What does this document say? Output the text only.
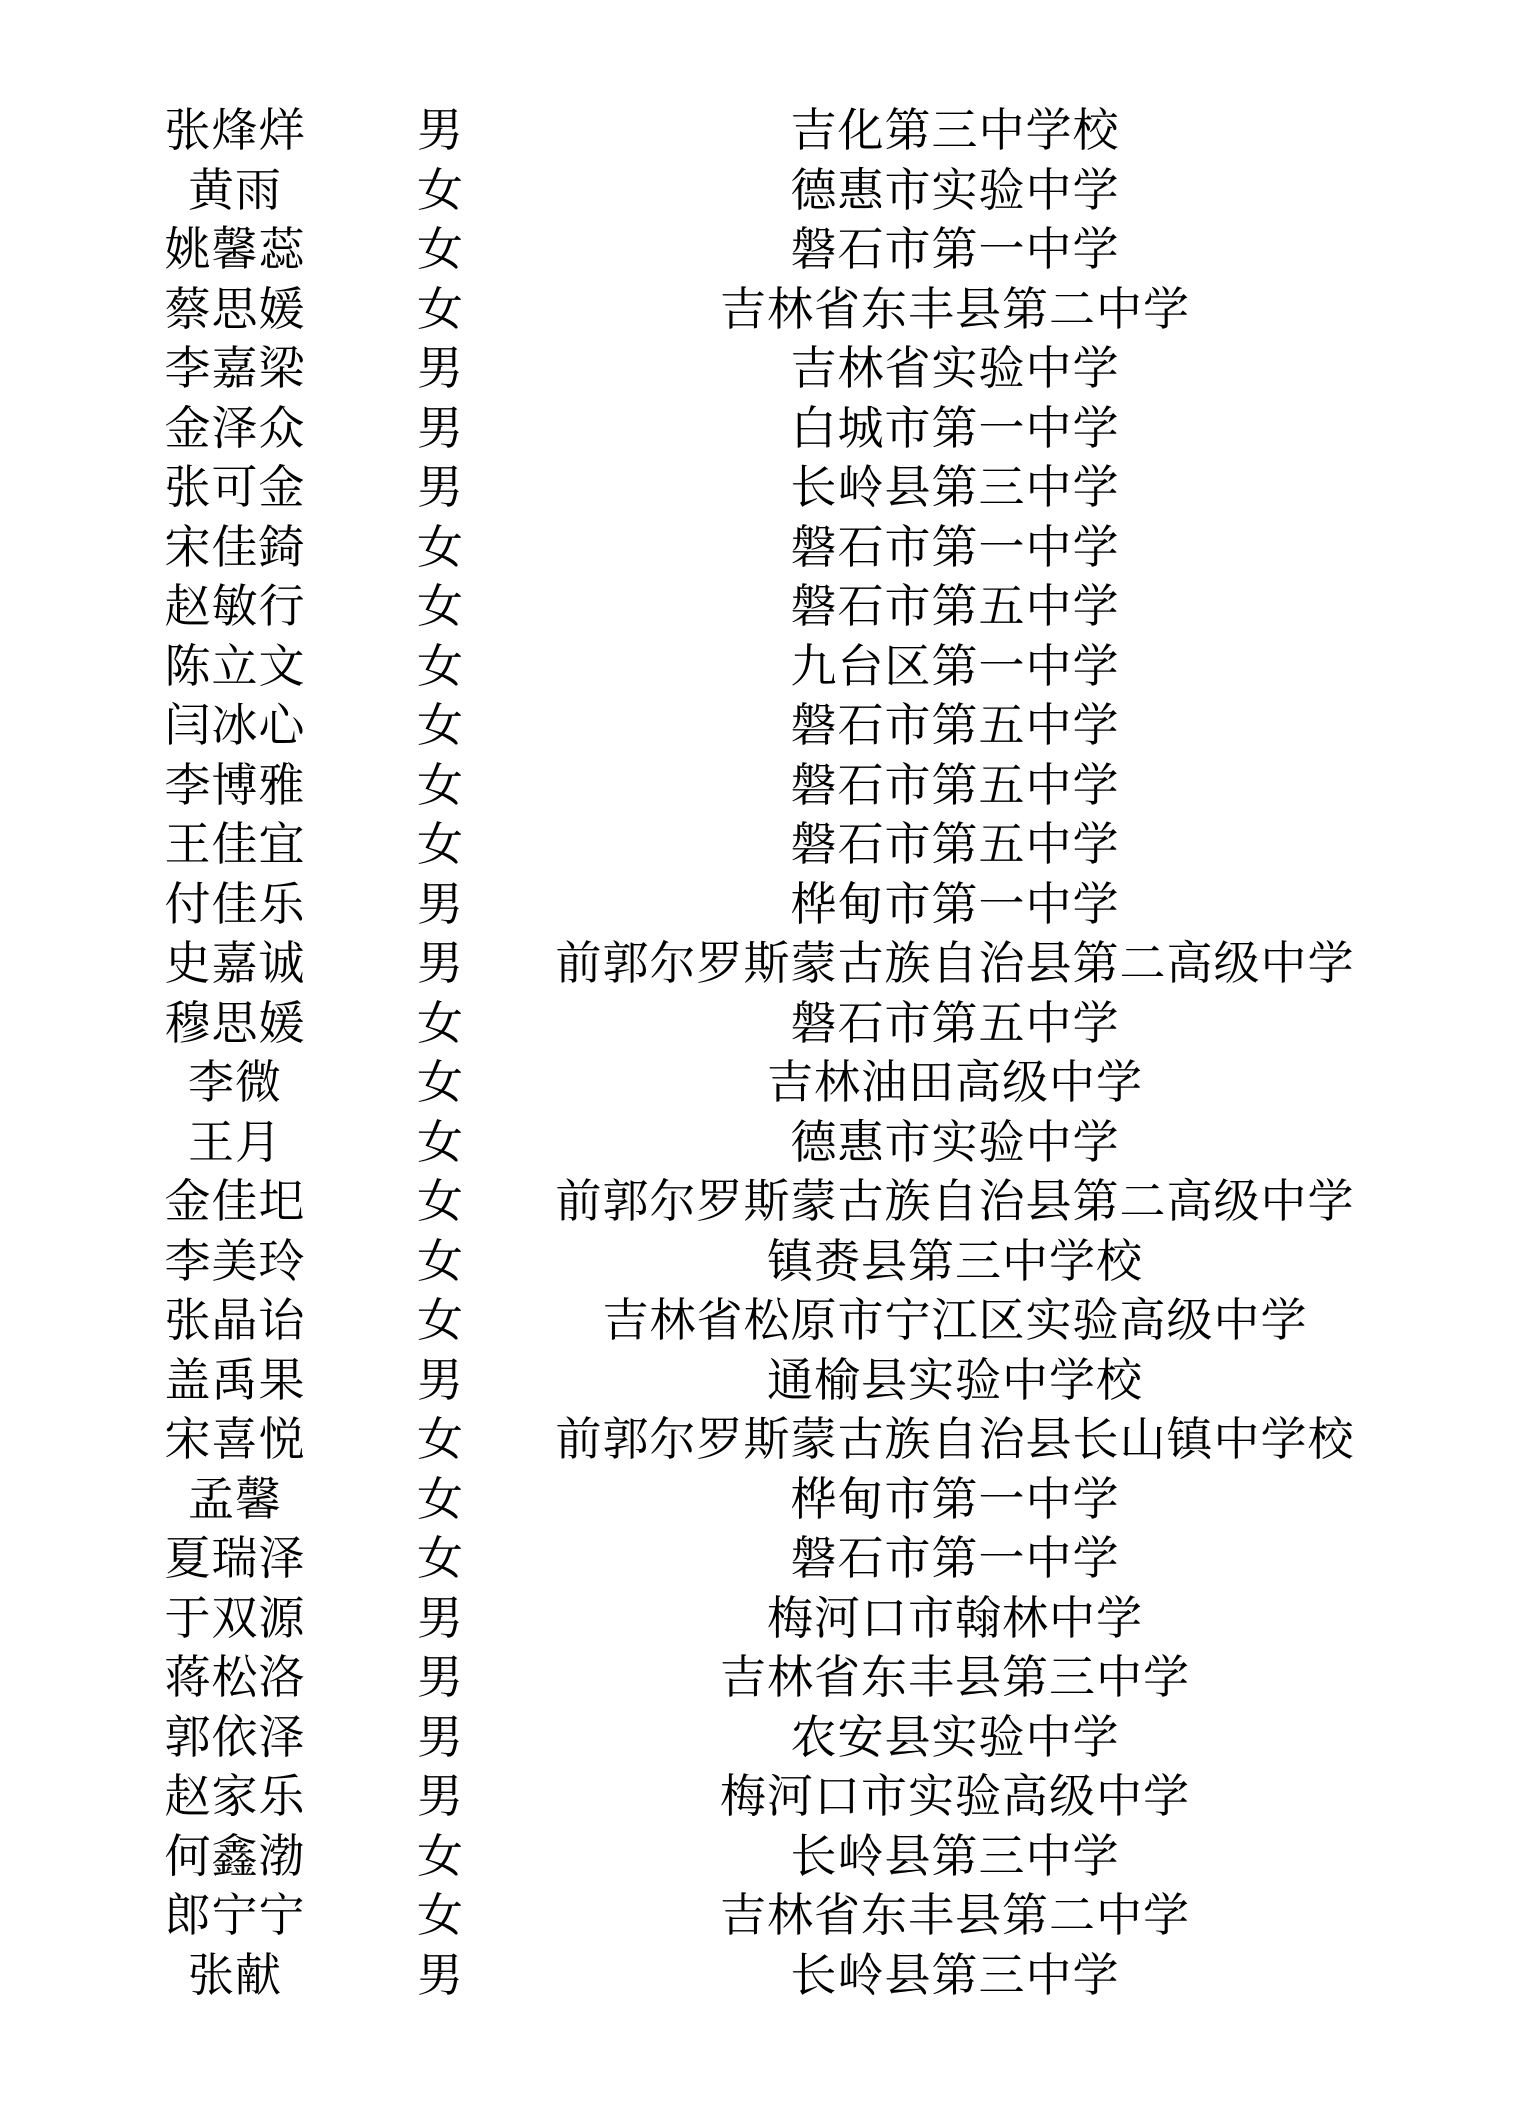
张烽烊	男	吉化第三中学校
黄雨	女	德惠市实验中学
姚馨蕊	女	磐石市第一中学
蔡思媛	女	吉林省东丰县第二中学
李嘉梁	男	吉林省实验中学
金泽众	男	白城市第一中学
张可金	男	长岭县第三中学
宋佳錡	女	磐石市第一中学
赵敏行	女	磐石市第五中学
陈立文	女	九台区第一中学
闫冰心	女	磐石市第五中学
李博雅	女	磐石市第五中学
王佳宜	女	磐石市第五中学
付佳乐	男	桦甸市第一中学
史嘉诚	男	前郭尔罗斯蒙古族自治县第二高级中学
穆思媛	女	磐石市第五中学
李微	女	吉林油田高级中学
王月	女	德惠市实验中学
金佳圯	女	前郭尔罗斯蒙古族自治县第二高级中学
李美玲	女	镇赉县第三中学校
张晶诒	女	吉林省松原市宁江区实验高级中学
盖禹果	男	通榆县实验中学校
宋喜悦	女	前郭尔罗斯蒙古族自治县长山镇中学校
孟馨	女	桦甸市第一中学
夏瑞泽	女	磐石市第一中学
于双源	男	梅河口市翰林中学
蒋松洛	男	吉林省东丰县第三中学
郭依泽	男	农安县实验中学
赵家乐	男	梅河口市实验高级中学
何鑫渤	女	长岭县第三中学
郎宁宁	女	吉林省东丰县第二中学
张献	男	长岭县第三中学
